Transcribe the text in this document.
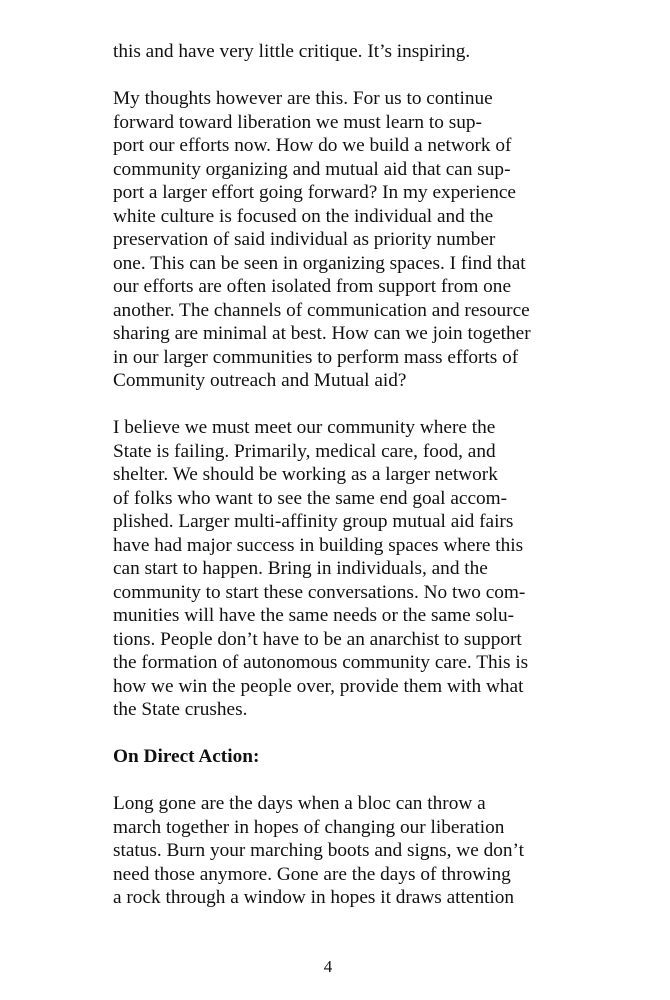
this and have very little critique. It’s inspiring.

My thoughts however are this. For us to continue
forward toward liberation we must learn to sup-
port our efforts now. How do we build a network of
community organizing and mutual aid that can sup-
port a larger effort going forward? In my experience
white culture is focused on the individual and the
preservation of said individual as priority number
one. This can be seen in organizing spaces. I find that
our efforts are often isolated from support from one
another. The channels of communication and resource
sharing are minimal at best. How can we join together
in our larger communities to perform mass efforts of
Community outreach and Mutual aid?

I believe we must meet our community where the
State is failing. Primarily, medical care, food, and
shelter. We should be working as a larger network
of folks who want to see the same end goal accom-
plished. Larger multi-affinity group mutual aid fairs
have had major success in building spaces where this
can start to happen. Bring in individuals, and the
community to start these conversations. No two com-
munities will have the same needs or the same solu-
tions. People don’t have to be an anarchist to support
the formation of autonomous community care. This is
how we win the people over, provide them with what
the State crushes.

On Direct Action:

Long gone are the days when a bloc can throw a
march together in hopes of changing our liberation
status. Burn your marching boots and signs, we don’t
need those anymore. Gone are the days of throwing
a rock through a window in hopes it draws attention

4
